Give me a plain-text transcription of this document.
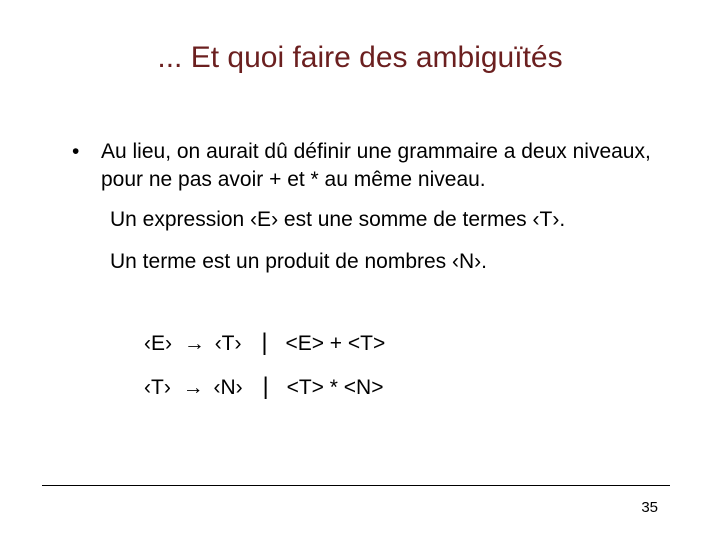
... Et quoi faire des ambiguïtés
•	Au lieu, on aurait dû définir une grammaire a deux niveaux, pour ne pas avoir + et * au même niveau.
Un expression ‹E› est une somme de termes ‹T›.
Un terme est un produit de nombres ‹N›.
‹E› → ‹T› | <E> + <T>
‹T› → ‹N› | <T> * <N>
35
